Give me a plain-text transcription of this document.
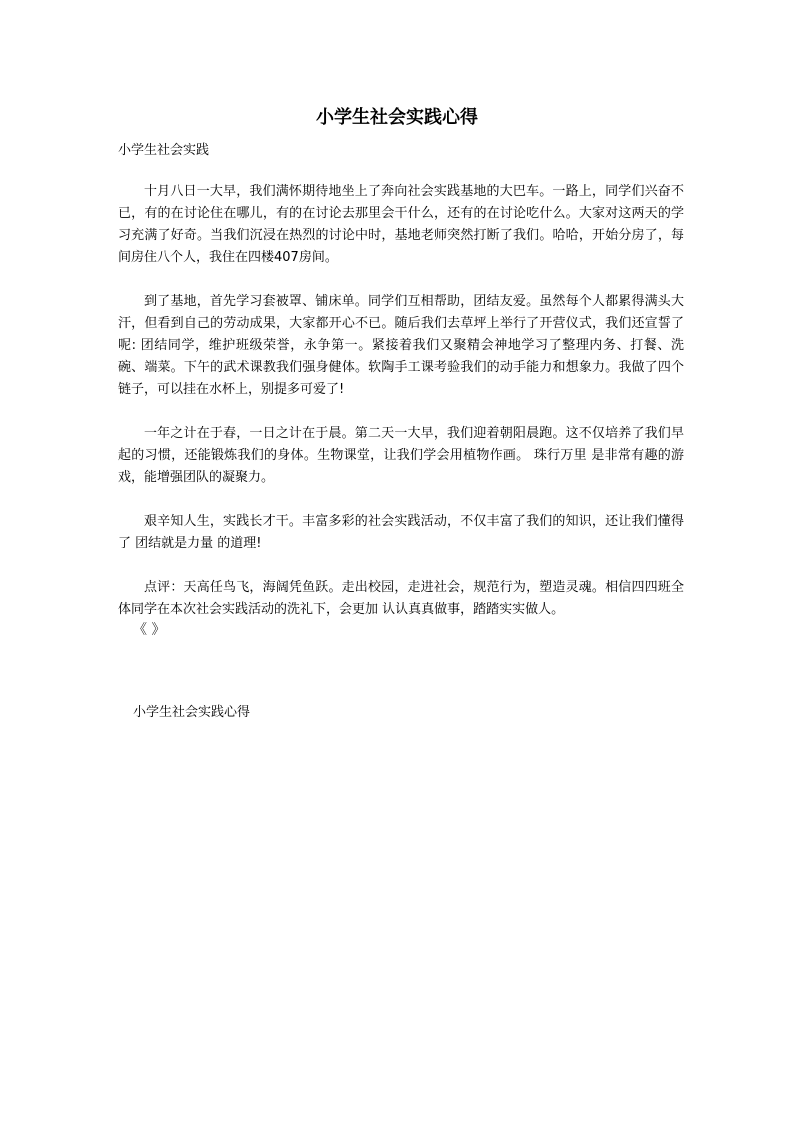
小学生社会实践心得

小学生社会实践

十月八日一大早，我们满怀期待地坐上了奔向社会实践基地的大巴车。一路上，同学们兴奋不已，有的在讨论住在哪儿，有的在讨论去那里会干什么，还有的在讨论吃什么。大家对这两天的学习充满了好奇。当我们沉浸在热烈的讨论中时，基地老师突然打断了我们。哈哈，开始分房了，每间房住八个人，我住在四楼407房间。

到了基地，首先学习套被罩、铺床单。同学们互相帮助，团结友爱。虽然每个人都累得满头大汗，但看到自己的劳动成果，大家都开心不已。随后我们去草坪上举行了开营仪式，我们还宣誓了呢: 团结同学，维护班级荣誉，永争第一。紧接着我们又聚精会神地学习了整理内务、打餐、洗碗、端菜。下午的武术课教我们强身健体。软陶手工课考验我们的动手能力和想象力。我做了四个链子，可以挂在水杯上，别提多可爱了!

一年之计在于春，一日之计在于晨。第二天一大早，我们迎着朝阳晨跑。这不仅培养了我们早起的习惯，还能锻炼我们的身体。生物课堂，让我们学会用植物作画。 珠行万里 是非常有趣的游戏，能增强团队的凝聚力。

艰辛知人生，实践长才干。丰富多彩的社会实践活动，不仅丰富了我们的知识，还让我们懂得了 团结就是力量 的道理!

点评：天高任鸟飞，海阔凭鱼跃。走出校园，走进社会，规范行为，塑造灵魂。相信四四班全体同学在本次社会实践活动的洗礼下，会更加 认认真真做事，踏踏实实做人。

《 》
小学生社会实践心得
